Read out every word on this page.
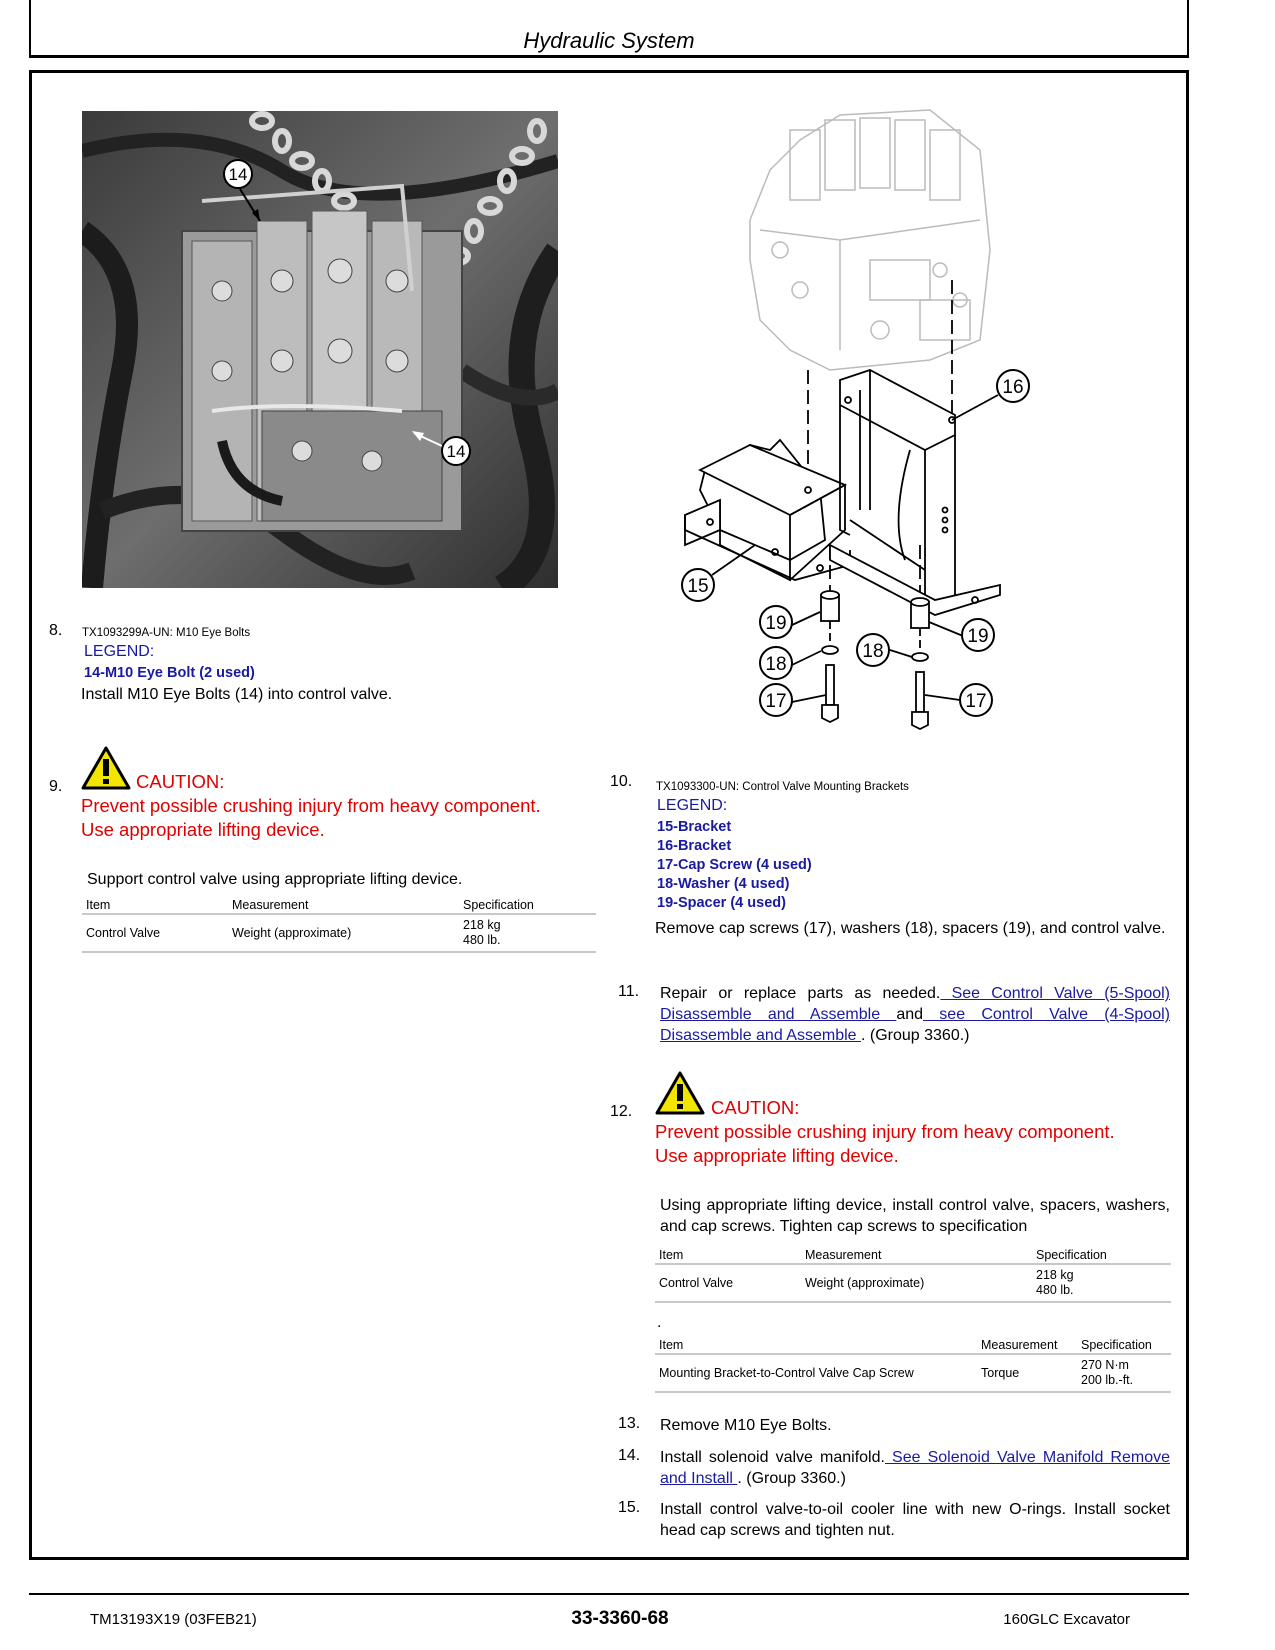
Hydraulic System
14
14
16
15
19
19
18
18
17	17
8. TX1093299A-UN: M10 Eye Bolts
LEGEND:
14-M10 Eye Bolt (2 used)
Install M10 Eye Bolts (14) into control valve.
9.	CAUTION:
Prevent possible crushing injury from heavy component.
Use appropriate lifting device.
Support control valve using appropriate lifting device.
Item	Measurement	Specification
Control Valve	Weight (approximate)	218 kg
480 lb.
10. TX1093300-UN: Control Valve Mounting Brackets
LEGEND:
15-Bracket
16-Bracket
17-Cap Screw (4 used)
18-Washer (4 used)
19-Spacer (4 used)
Remove cap screws (17), washers (18), spacers (19), and control valve.
11. Repair or replace parts as needed. See Control Valve (5-Spool) Disassemble and Assemble and see Control Valve (4-Spool) Disassemble and Assemble . (Group 3360.)
12.	CAUTION:
Prevent possible crushing injury from heavy component.
Use appropriate lifting device.
Using appropriate lifting device, install control valve, spacers, washers, and cap screws. Tighten cap screws to specification
Item	Measurement	Specification
Control Valve	Weight (approximate)	218 kg
480 lb.
.
Item	Measurement	Specification
Mounting Bracket-to-Control Valve Cap Screw	Torque	270 N·m
200 lb.-ft.
13. Remove M10 Eye Bolts.
14. Install solenoid valve manifold. See Solenoid Valve Manifold Remove and Install . (Group 3360.)
15. Install control valve-to-oil cooler line with new O-rings. Install socket head cap screws and tighten nut.
TM13193X19 (03FEB21)	33-3360-68	160GLC Excavator
